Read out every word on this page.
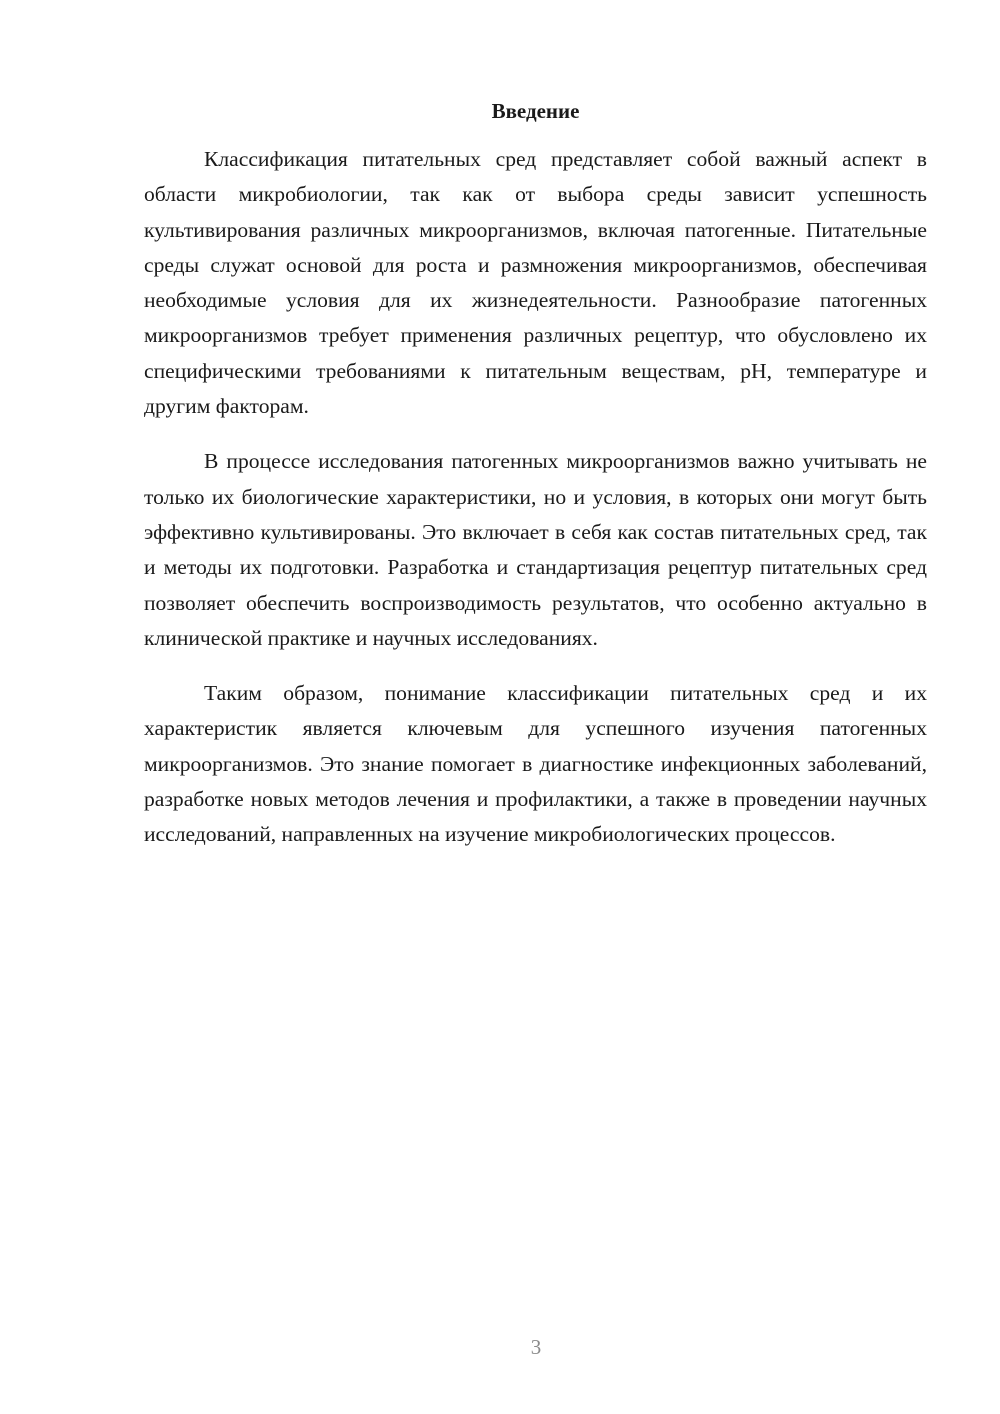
Введение

Классификация питательных сред представляет собой важный аспект в области микробиологии, так как от выбора среды зависит успешность культивирования различных микроорганизмов, включая патогенные. Питательные среды служат основой для роста и размножения микроорганизмов, обеспечивая необходимые условия для их жизнедеятельности. Разнообразие патогенных микроорганизмов требует применения различных рецептур, что обусловлено их специфическими требованиями к питательным веществам, pH, температуре и другим факторам.

В процессе исследования патогенных микроорганизмов важно учитывать не только их биологические характеристики, но и условия, в которых они могут быть эффективно культивированы. Это включает в себя как состав питательных сред, так и методы их подготовки. Разработка и стандартизация рецептур питательных сред позволяет обеспечить воспроизводимость результатов, что особенно актуально в клинической практике и научных исследованиях.

Таким образом, понимание классификации питательных сред и их характеристик является ключевым для успешного изучения патогенных микроорганизмов. Это знание помогает в диагностике инфекционных заболеваний, разработке новых методов лечения и профилактики, а также в проведении научных исследований, направленных на изучение микробиологических процессов.

3
